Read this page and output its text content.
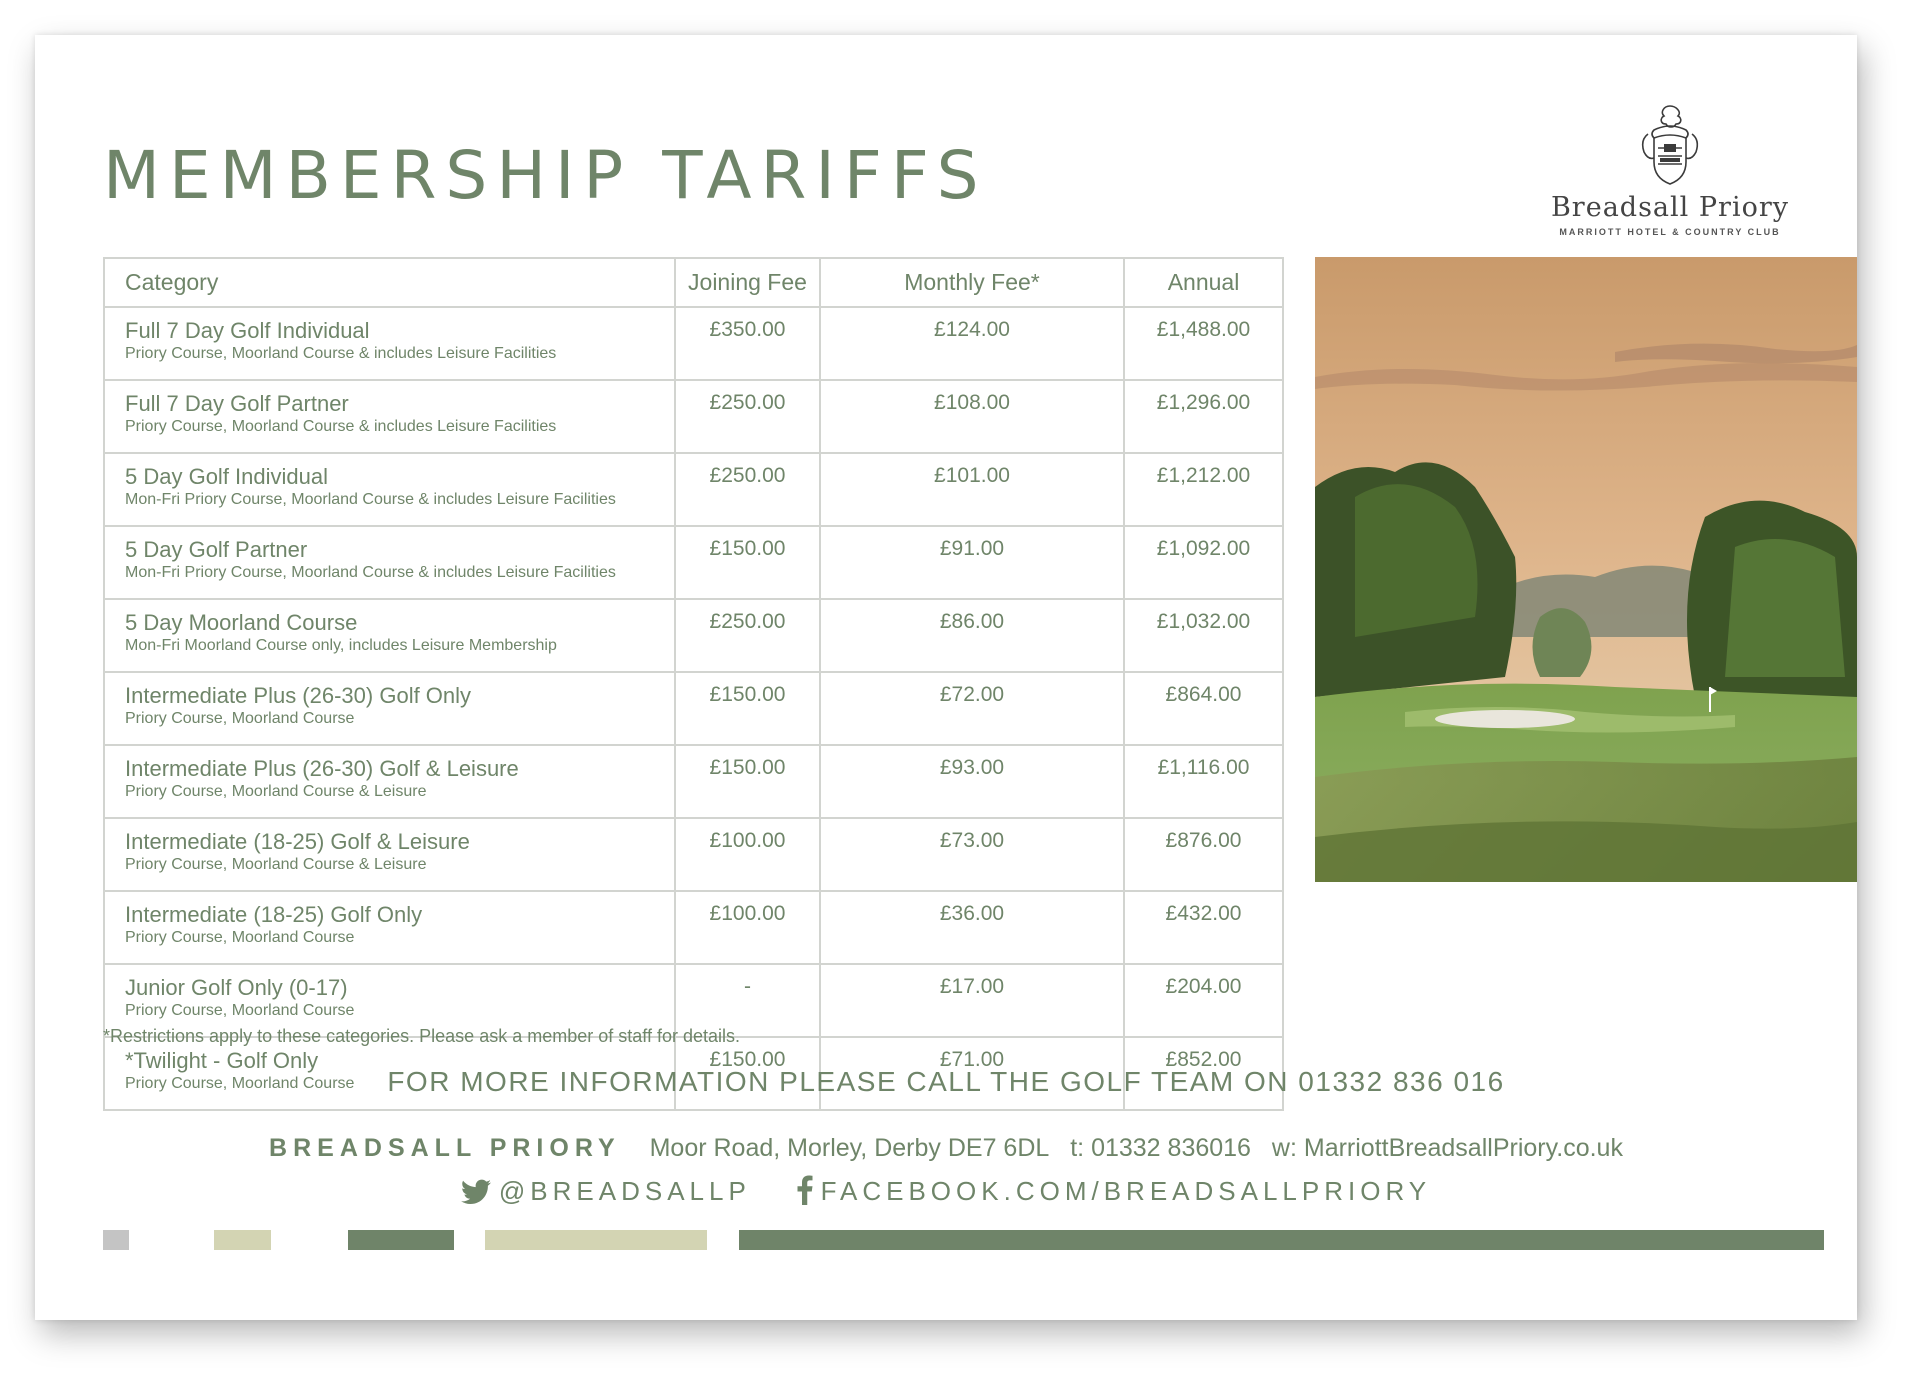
MEMBERSHIP TARIFFS	Breadsall Priory
MARRIOTT HOTEL & COUNTRY CLUB
Category	Joining Fee	Monthly Fee*	Annual

Full 7 Day Golf Individual
Priory Course, Moorland Course & includes Leisure Facilities	£350.00	£124.00	£1,488.00

Full 7 Day Golf Partner
Priory Course, Moorland Course & includes Leisure Facilities	£250.00	£108.00	£1,296.00

5 Day Golf Individual
Mon-Fri Priory Course, Moorland Course & includes Leisure Facilities	£250.00	£101.00	£1,212.00

5 Day Golf Partner
Mon-Fri Priory Course, Moorland Course & includes Leisure Facilities	£150.00	£91.00	£1,092.00

5 Day Moorland Course
Mon-Fri Moorland Course only, includes Leisure Membership	£250.00	£86.00	£1,032.00

Intermediate Plus (26-30) Golf Only
Priory Course, Moorland Course	£150.00	£72.00	£864.00

Intermediate Plus (26-30) Golf & Leisure
Priory Course, Moorland Course & Leisure	£150.00	£93.00	£1,116.00

Intermediate (18-25) Golf & Leisure
Priory Course, Moorland Course & Leisure	£100.00	£73.00	£876.00

Intermediate (18-25) Golf Only
Priory Course, Moorland Course	£100.00	£36.00	£432.00

Junior Golf Only (0-17)
Priory Course, Moorland Course	-	£17.00	£204.00

*Twilight - Golf Only
Priory Course, Moorland Course	£150.00	£71.00	£852.00
*Restrictions apply to these categories. Please ask a member of staff for details.
FOR MORE INFORMATION PLEASE CALL THE GOLF TEAM ON 01332 836 016
BREADSALL PRIORY Moor Road, Morley, Derby DE7 6DL t: 01332 836016 w: MarriottBreadsallPriory.co.uk
@BREADSALLP	FACEBOOK.COM/BREADSALLPRIORY
